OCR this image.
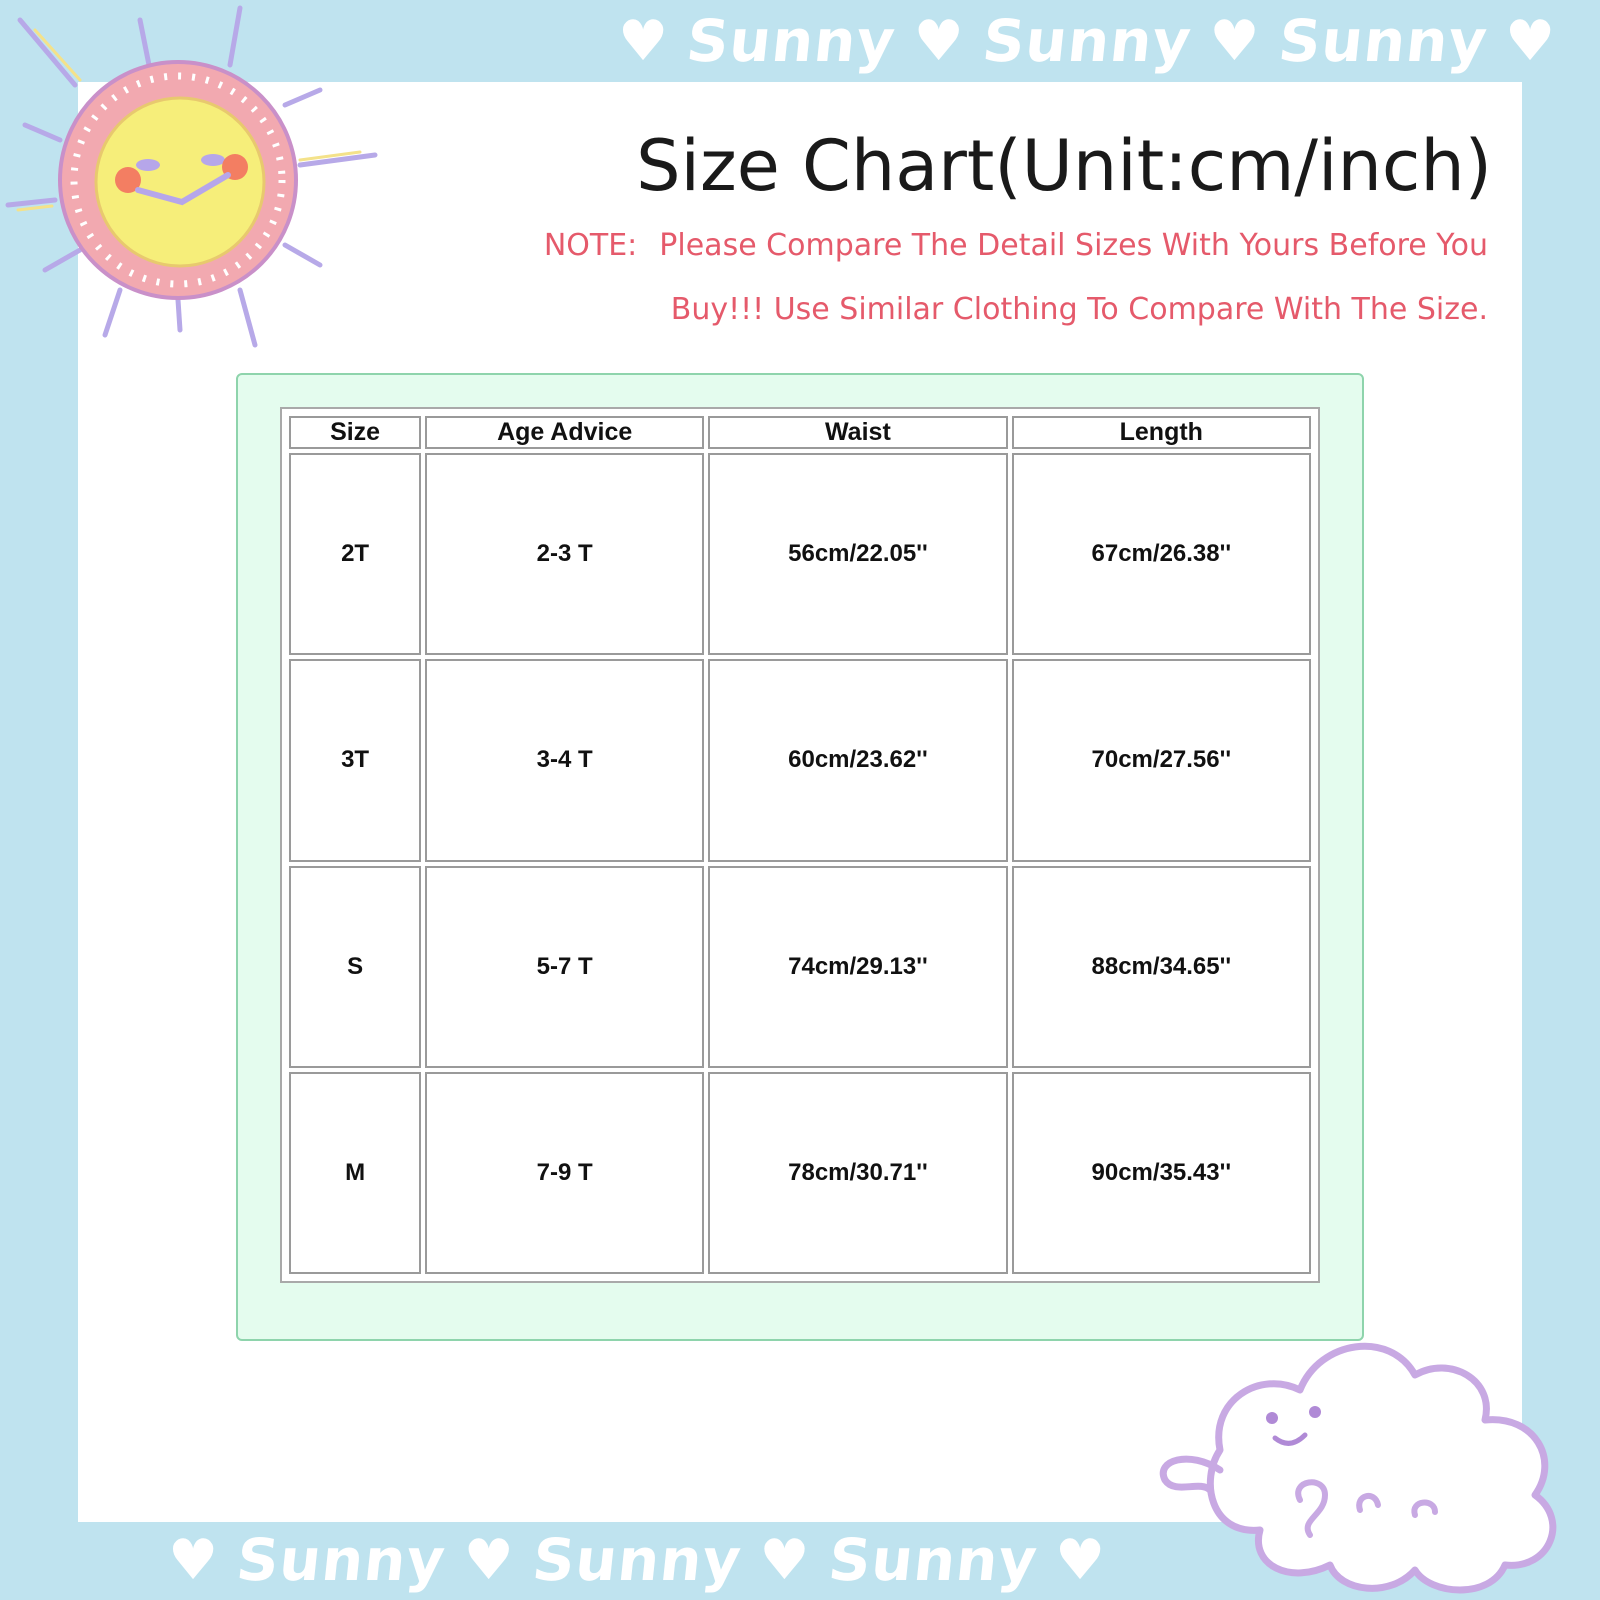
♥ Sunny ♥ Sunny ♥ Sunny ♥
♥ Sunny ♥ Sunny ♥ Sunny ♥
Size Chart(Unit:cm/inch)
NOTE: Please Compare The Detail Sizes With Yours Before You
Buy!!! Use Similar Clothing To Compare With The Size.
Size	Age Advice	Waist	Length
2T	2-3 T	56cm/22.05''	67cm/26.38''
3T	3-4 T	60cm/23.62''	70cm/27.56''
S	5-7 T	74cm/29.13''	88cm/34.65''
M	7-9 T	78cm/30.71''	90cm/35.43''
